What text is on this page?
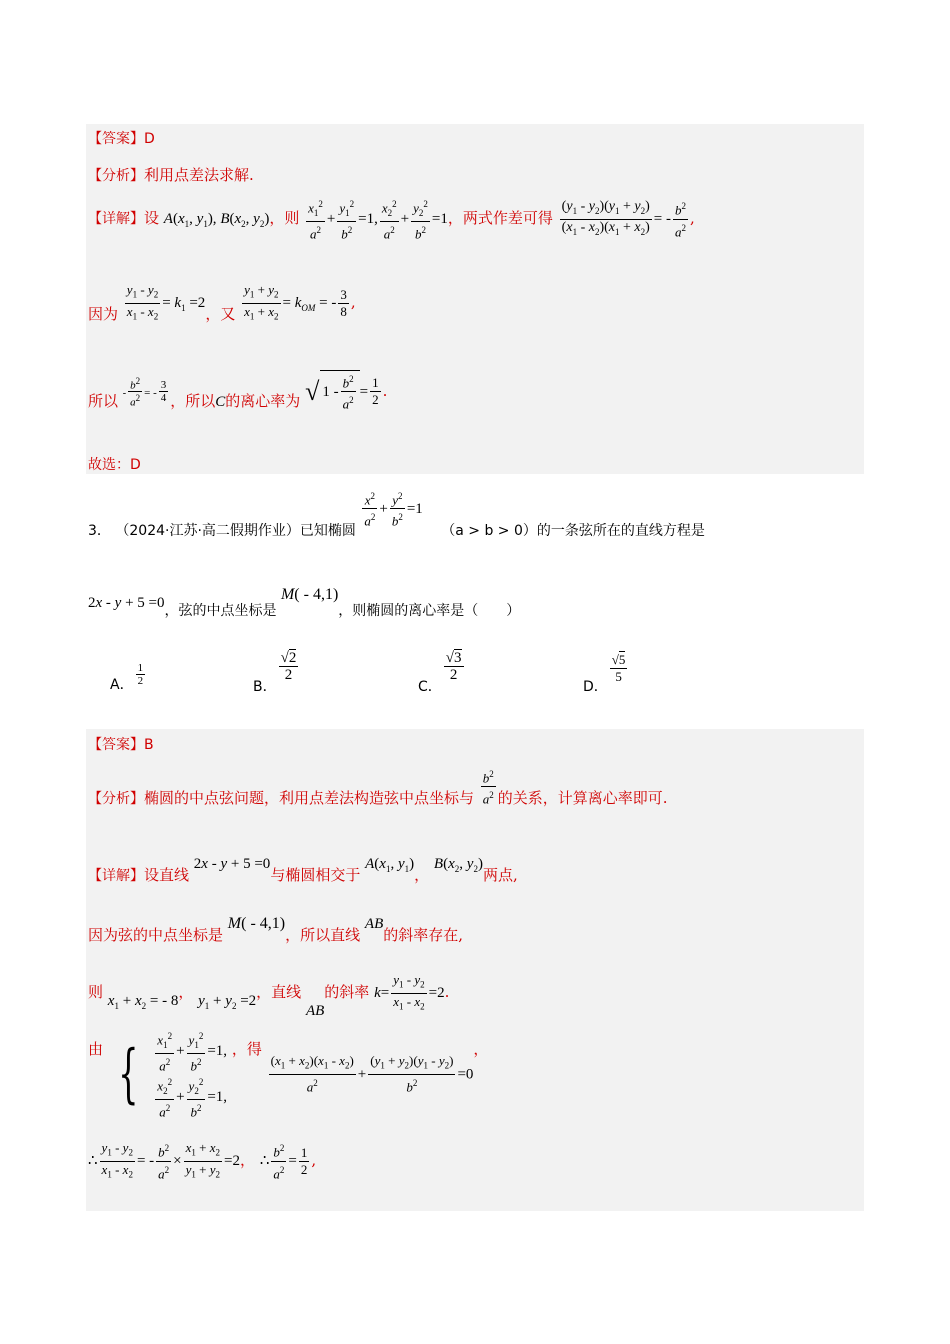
【答案】D
【分析】利用点差法求解.
【详解】设 $A(x_1$, $y_1$), $B(x_2$, $y_2$)，则 $\frac{x_1^2}{a^2} + \frac{y_1^2}{b^2} =1$, $\frac{x_2^2}{a^2} + \frac{y_2^2}{b^2} =1$，两式作差可得 $\frac{(y_1 - y_2)(y_1 + y_2)}{(x_1 - x_2)(x_1 + x_2)}$ = - $\frac{b^2}{a^2}$ ,
因为 $\frac{y_1 - y_2}{x_1 - x_2} = k_1 =2$，又 $\frac{y_1 + y_2}{x_1 + x_2} = k_{OM}$ = - $\frac{3}{8}$ ,
所以 - $\frac{b^2}{a^2}$ = - $\frac{3}{4}$ ，所以C的离心率为 √ $1 - \frac{b^2}{a^2} = \frac{1}{2}$ .
故选：D
3． （2024·江苏·高二假期作业）已知椭圆
$\frac{x^2}{a^2} + \frac{y^2}{b^2} =1$ （a > b > 0）的一条弦所在的直线方程是
2x - y + 5 =0，弦的中点坐标是 M( - 4,1)，则椭圆的离心率是（　　）
A． $\frac{1}{2}$	B．
$\frac{√2}{2}$
C．
$\frac{√3}{2}$
D．
$\frac{√5}{5}$
【答案】B
【分析】椭圆的中点弦问题，利用点差法构造弦中点坐标与 $\frac{b^2}{a^2}$ 的关系，计算离心率即可.
【详解】设直线 2x - y + 5 =0与椭圆相交于 $A(x_1$, $y_1$)， $B(x_2$, $y_2$)两点,
因为弦的中点坐标是 M( - 4,1)，所以直线 AB的斜率存在,
则 $x_1 + x_2$ = - 8， $y_1 + y_2 =2$，直线 AB的斜率 $k= \frac{y_1 - y_2}{x_1 - x_2} =2$.
由 { $\frac{x_1^2}{a^2} + \frac{y_1^2}{b^2} =1$,
$\frac{x_2^2}{a^2} + \frac{y_2^2}{b^2} =1$,
，得
$\frac{(x_1 + x_2)(x_1 - x_2)}{a^2} + \frac{(y_1 + y_2)(y_1 - y_2)}{b^2} =0$，
∴ $\frac{y_1 - y_2}{x_1 - x_2}$ = - $\frac{b^2}{a^2} \times \frac{x_1 + x_2}{y_1 + y_2} =2$， ∴ $\frac{b^2}{a^2} = \frac{1}{2}$ ,
